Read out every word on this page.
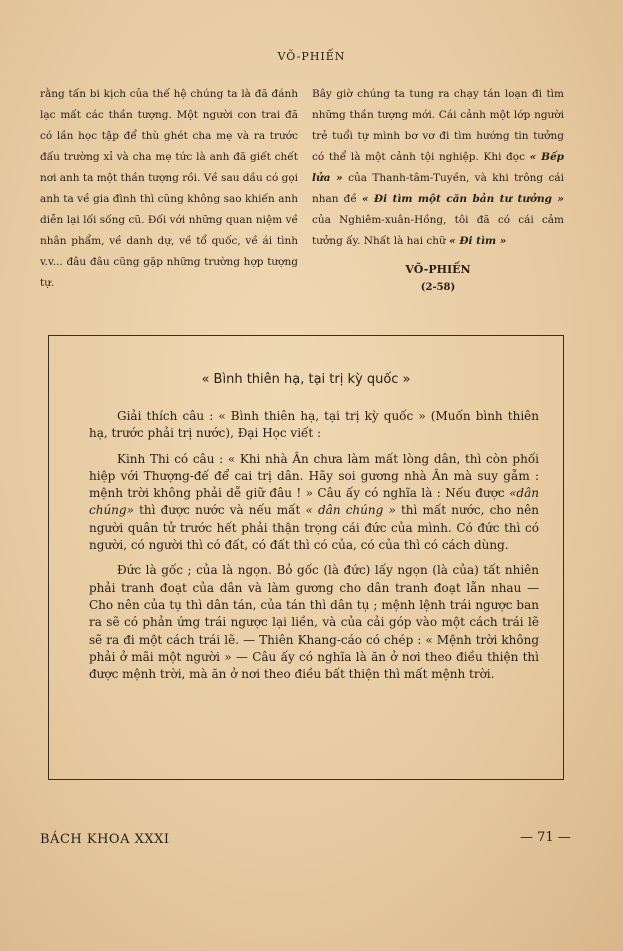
VÕ-PHIẾN
rằng tấn bi kịch của thế hệ chúng ta là đã đánh lạc mất các thần tượng. Một người con trai đã có lần học tập để thù ghét cha mẹ và ra trước đấu trường xỉ và cha mẹ tức là anh đã giết chết nơi anh ta một thần tượng rồi. Về sau dầu có gọi anh ta về gia đình thì cũng không sao khiến anh diễn lại lối sống cũ. Đối với những quan niệm về nhân phẩm, về danh dự, về tổ quốc, về ái tình v.v... đâu đâu cũng gặp những trường hợp tượng tự.
Bây giờ chúng ta tung ra chạy tán loạn đi tìm những thần tượng mới. Cái cảnh một lớp người trẻ tuổi tự mình bơ vơ đi tìm hướng tin tưởng có thể là một cảnh tội nghiệp. Khi đọc « Bếp lửa » của Thanh-tâm-Tuyền, và khi trông cái nhan đề « Đi tìm một căn bản tư tưởng » của Nghiêm-xuân-Hồng, tôi đã có cái cảm tưởng ấy. Nhất là hai chữ « Đi tìm »
VÕ-PHIẾN
(2-58)
« Bình thiên hạ, tại trị kỳ quốc »

Giải thích câu : « Bình thiên hạ, tại trị kỳ quốc » (Muốn bình thiên hạ, trước phải trị nước), Đại Học viết :

Kinh Thi có câu : « Khi nhà Ân chưa làm mất lòng dân, thì còn phối hiệp với Thượng-đế để cai trị dân. Hãy soi gương nhà Ân mà suy gẫm : mệnh trời không phải dễ giữ đâu ! » Câu ấy có nghĩa là : Nếu được «dân chúng» thì được nước và nếu mất « dân chúng » thì mất nước, cho nên người quân tử trước hết phải thận trọng cái đức của mình. Có đức thì có người, có người thì có đất, có đất thì có của, có của thì có cách dùng.

Đức là gốc ; của là ngọn. Bỏ gốc (là đức) lấy ngọn (là của) tất nhiên phải tranh đoạt của dân và làm gương cho dân tranh đoạt lẫn nhau — Cho nên của tụ thì dân tán, của tán thì dân tụ ; mệnh lệnh trái ngược ban ra sẽ có phản ứng trái ngược lại liền, và của cải góp vào một cách trái lẽ sẽ ra đi một cách trái lẽ. — Thiên Khang-cáo có chép : « Mệnh trời không phải ở mãi một người » — Câu ấy có nghĩa là ăn ở nơi theo điều thiện thì được mệnh trời, mà ăn ở nơi theo điều bất thiện thì mất mệnh trời.

BÁCH KHOA XXXI	— 71 —
